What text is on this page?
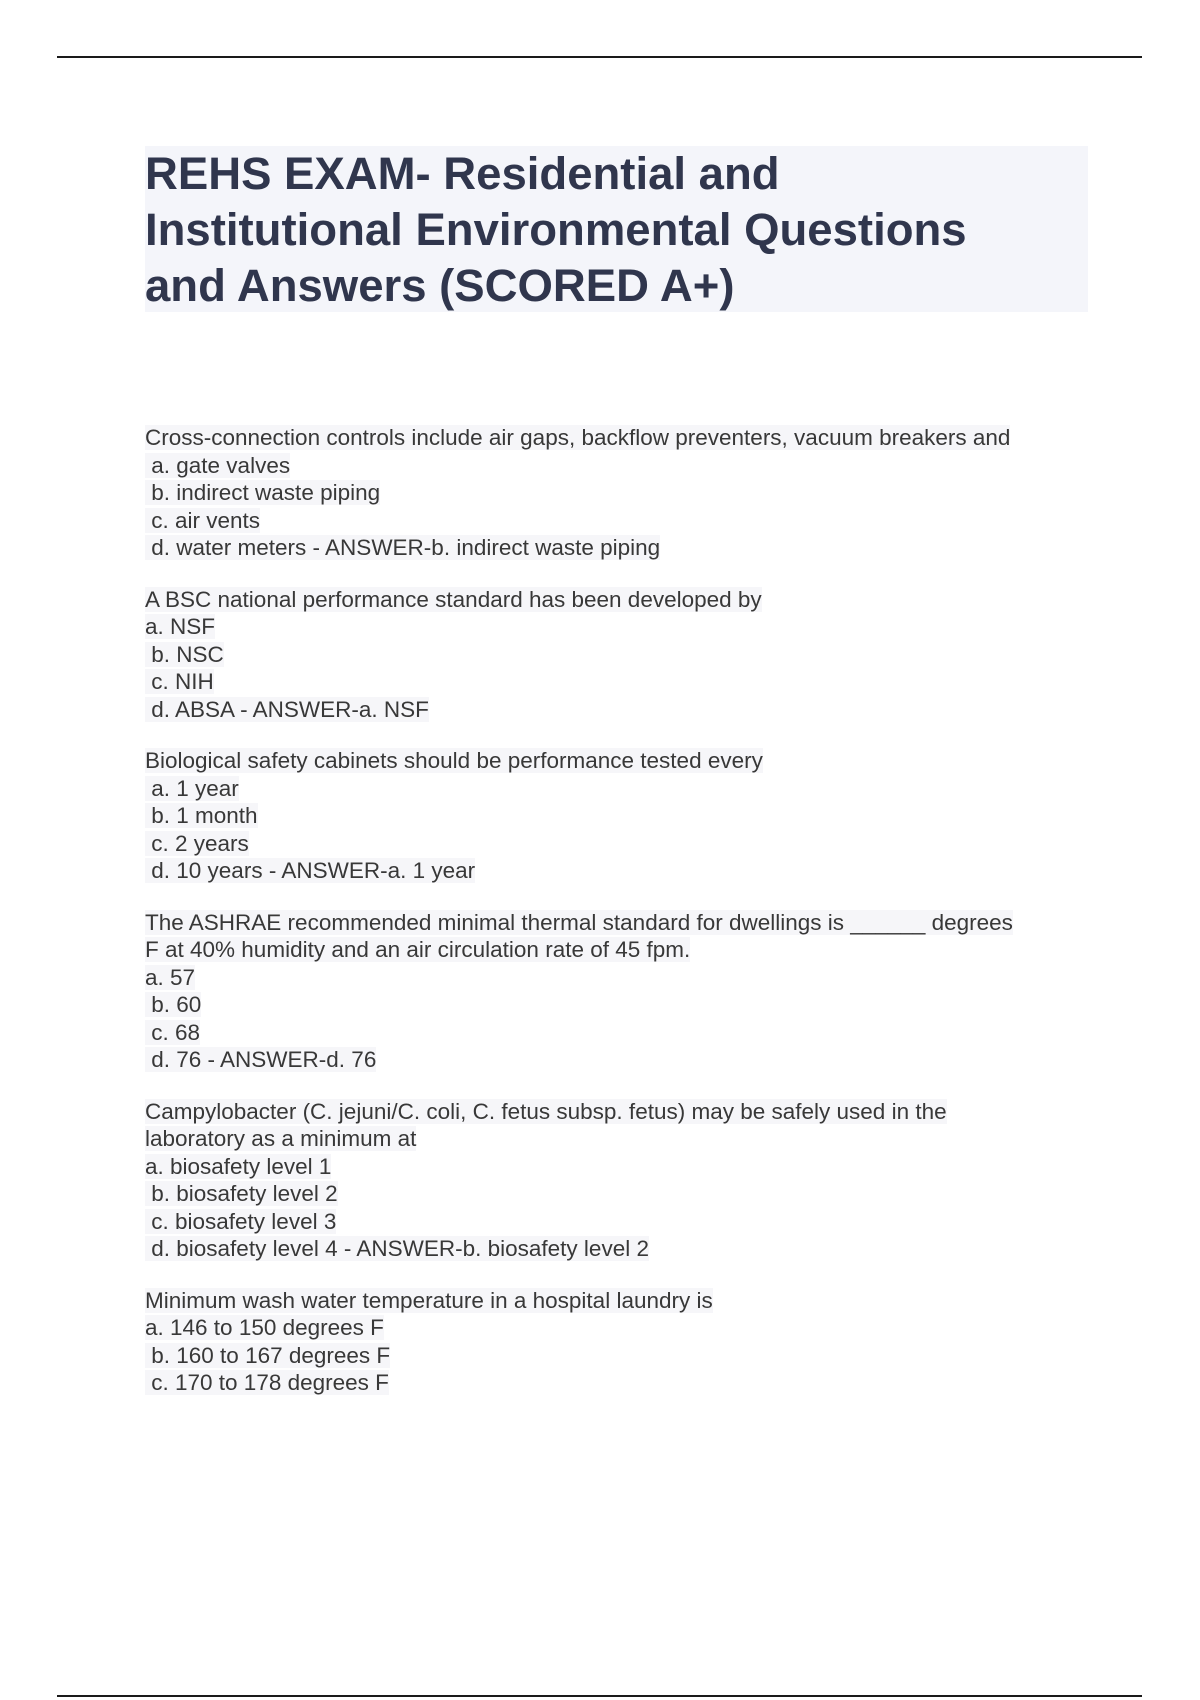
REHS EXAM- Residential and
Institutional Environmental Questions
and Answers (SCORED A+)
Cross-connection controls include air gaps, backflow preventers, vacuum breakers and
a. gate valves
b. indirect waste piping
c. air vents
d. water meters - ANSWER-b. indirect waste piping
A BSC national performance standard has been developed by
a. NSF
b. NSC
c. NIH
d. ABSA - ANSWER-a. NSF
Biological safety cabinets should be performance tested every
a. 1 year
b. 1 month
c. 2 years
d. 10 years - ANSWER-a. 1 year
The ASHRAE recommended minimal thermal standard for dwellings is ______ degrees
F at 40% humidity and an air circulation rate of 45 fpm.
a. 57
b. 60
c. 68
d. 76 - ANSWER-d. 76
Campylobacter (C. jejuni/C. coli, C. fetus subsp. fetus) may be safely used in the
laboratory as a minimum at
a. biosafety level 1
b. biosafety level 2
c. biosafety level 3
d. biosafety level 4 - ANSWER-b. biosafety level 2
Minimum wash water temperature in a hospital laundry is
a. 146 to 150 degrees F
b. 160 to 167 degrees F
c. 170 to 178 degrees F
